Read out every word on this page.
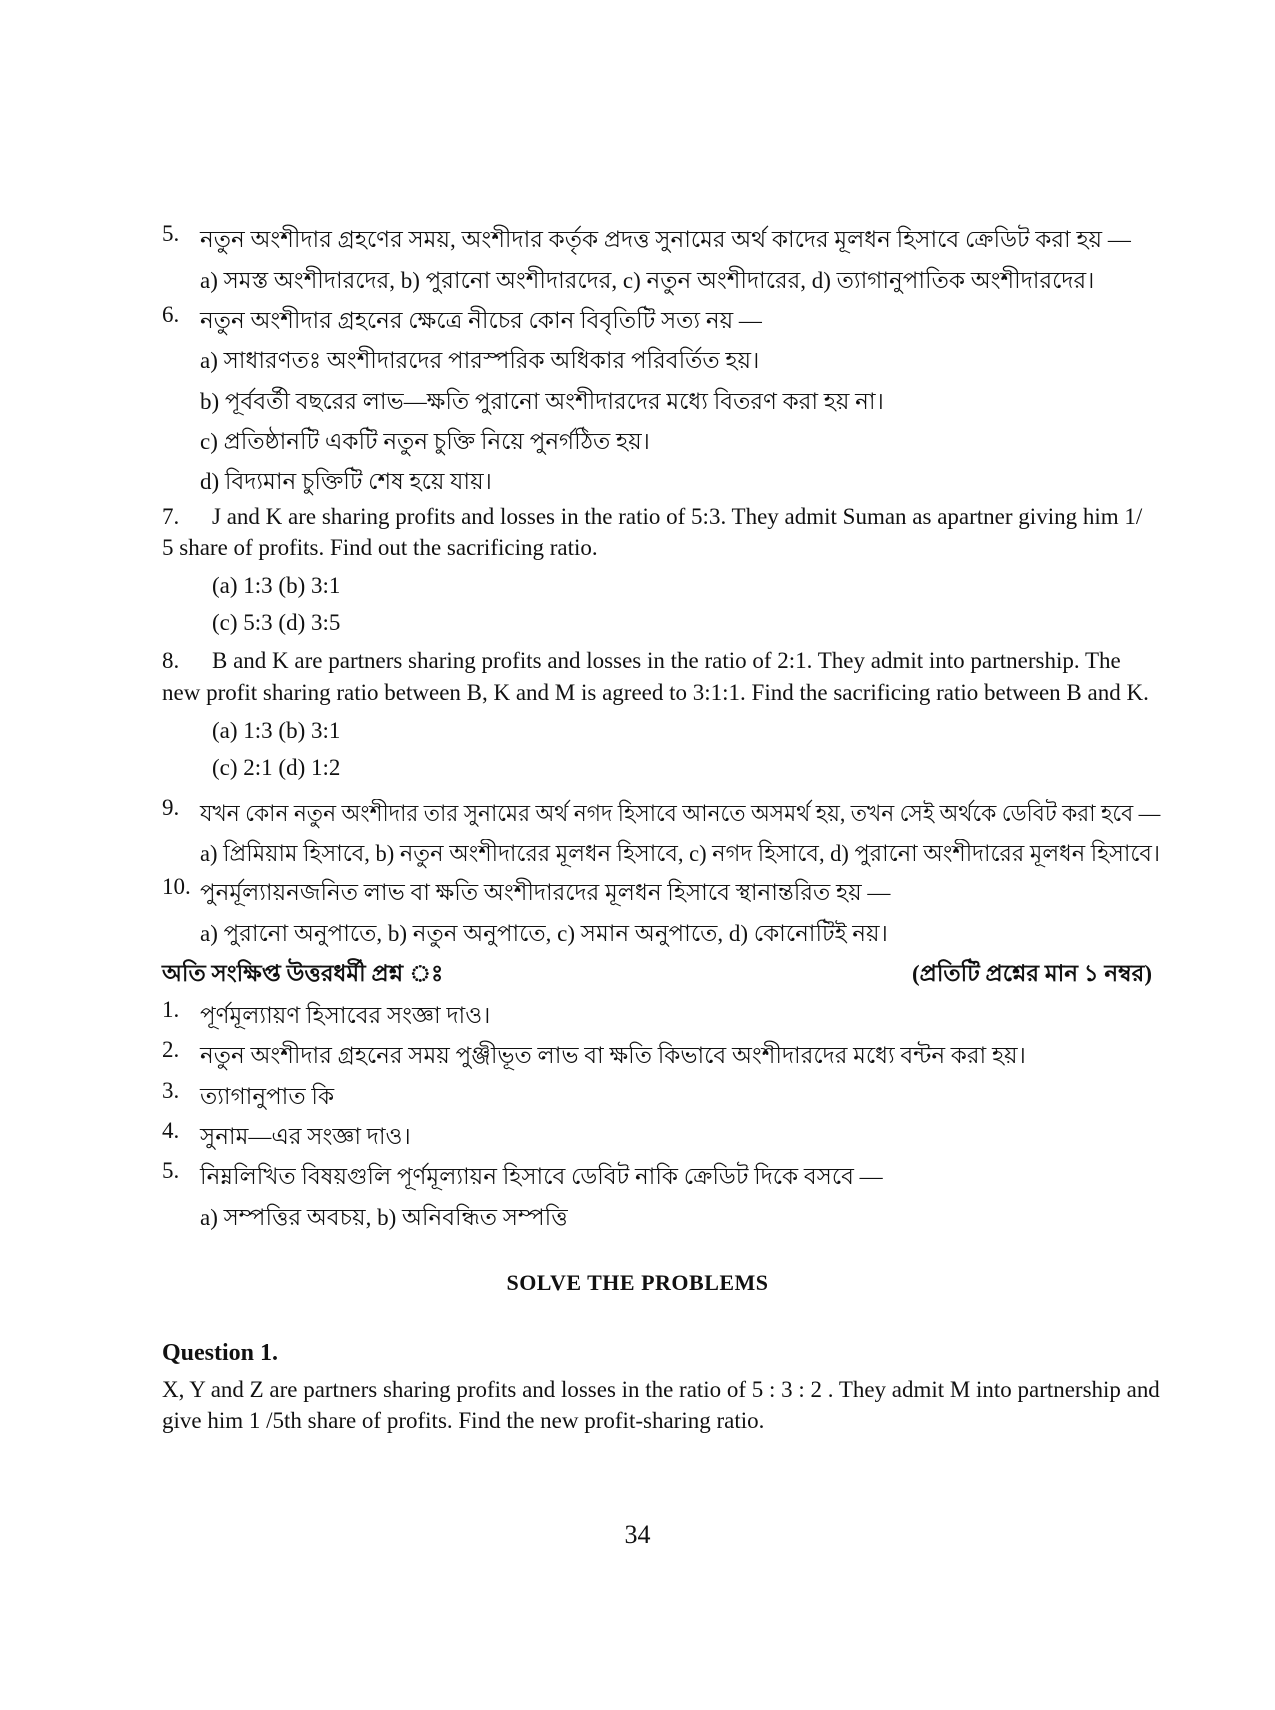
5. নতুন অংশীদার গ্রহণের সময়, অংশীদার কর্তৃক প্রদত্ত সুনামের অর্থ কাদের মূলধন হিসাবে ক্রেডিট করা হয় —
a) সমস্ত অংশীদারদের, b) পুরানো অংশীদারদের, c) নতুন অংশীদারের, d) ত্যাগানুপাতিক অংশীদারদের।
6. নতুন অংশীদার গ্রহনের ক্ষেত্রে নীচের কোন বিবৃতিটি সত্য নয় —
a) সাধারণতঃ অংশীদারদের পারস্পরিক অধিকার পরিবর্তিত হয়।
b) পূর্ববর্তী বছরের লাভ—ক্ষতি পুরানো অংশীদারদের মধ্যে বিতরণ করা হয় না।
c) প্রতিষ্ঠানটি একটি নতুন চুক্তি নিয়ে পুনর্গঠিত হয়।
d) বিদ্যমান চুক্তিটি শেষ হয়ে যায়।
7. J and K are sharing profits and losses in the ratio of 5:3. They admit Suman as apartner giving him 1/
5 share of profits. Find out the sacrificing ratio.
(a) 1:3 (b) 3:1
(c) 5:3 (d) 3:5
8. B and K are partners sharing profits and losses in the ratio of 2:1. They admit into partnership. The
new profit sharing ratio between B, K and M is agreed to 3:1:1. Find the sacrificing ratio between B and K.
(a) 1:3 (b) 3:1
(c) 2:1 (d) 1:2
9. যখন কোন নতুন অংশীদার তার সুনামের অর্থ নগদ হিসাবে আনতে অসমর্থ হয়, তখন সেই অর্থকে ডেবিট করা হবে —
a) প্রিমিয়াম হিসাবে, b) নতুন অংশীদারের মূলধন হিসাবে, c) নগদ হিসাবে, d) পুরানো অংশীদারের মূলধন হিসাবে।
10. পুনর্মূল্যায়নজনিত লাভ বা ক্ষতি অংশীদারদের মূলধন হিসাবে স্থানান্তরিত হয় —
a) পুরানো অনুপাতে, b) নতুন অনুপাতে, c) সমান অনুপাতে, d) কোনোটিই নয়।
অতি সংক্ষিপ্ত উত্তরধর্মী প্রশ্ন ঃ	(প্রতিটি প্রশ্নের মান ১ নম্বর)
1. পূর্ণমূল্যায়ণ হিসাবের সংজ্ঞা দাও।
2. নতুন অংশীদার গ্রহনের সময় পুঞ্জীভূত লাভ বা ক্ষতি কিভাবে অংশীদারদের মধ্যে বন্টন করা হয়।
3. ত্যাগানুপাত কি
4. সুনাম—এর সংজ্ঞা দাও।
5. নিম্নলিখিত বিষয়গুলি পূর্ণমূল্যায়ন হিসাবে ডেবিট নাকি ক্রেডিট দিকে বসবে —
a) সম্পত্তির অবচয়, b) অনিবন্ধিত সম্পত্তি
SOLVE THE PROBLEMS
Question 1.
X, Y and Z are partners sharing profits and losses in the ratio of 5 : 3 : 2 . They admit M into partnership and
give him 1 /5th share of profits. Find the new profit-sharing ratio.
34
